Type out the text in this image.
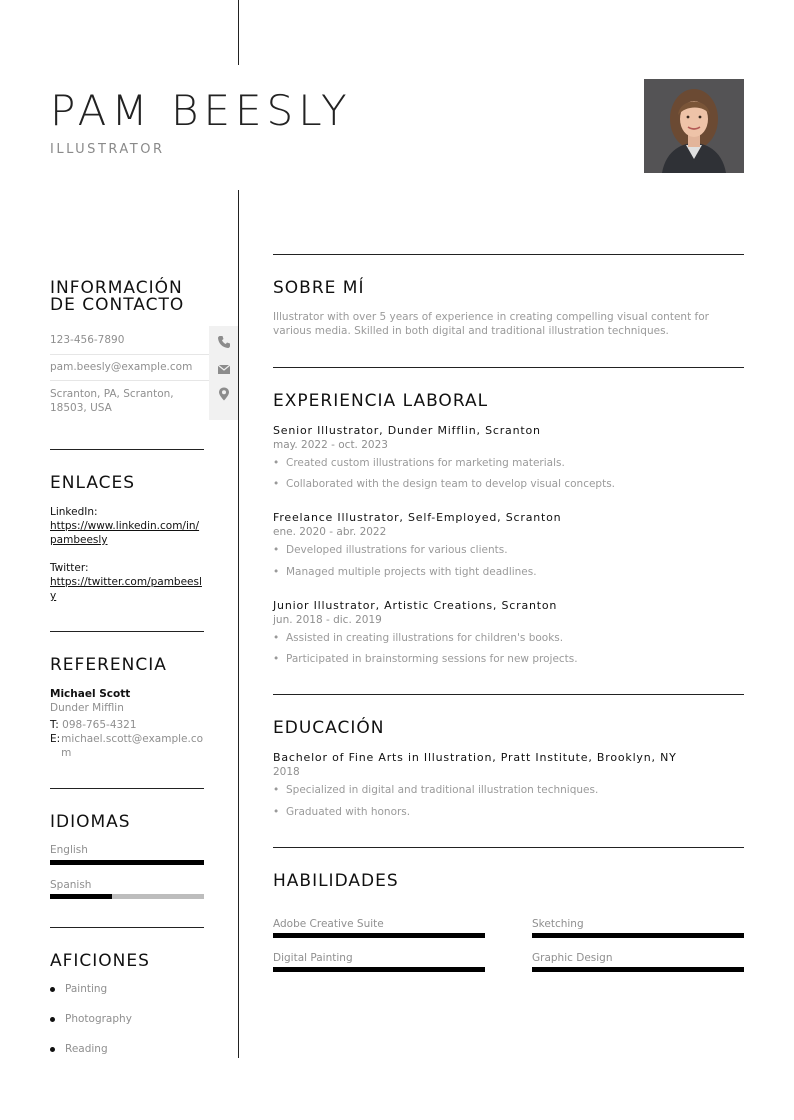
PAM BEESLY
ILLUSTRATOR
INFORMACIÓN
DE CONTACTO
123-456-7890
pam.beesly@example.com
Scranton, PA, Scranton, 18503, USA
ENLACES
LinkedIn:
https://www.linkedin.com/in/pambeesly
Twitter:
https://twitter.com/pambeesly
REFERENCIA
Michael Scott
Dunder Mifflin
T: 098-765-4321
E: michael.scott@example.com
IDIOMAS
English
Spanish
AFICIONES
Painting
Photography
Reading
SOBRE MÍ
Illustrator with over 5 years of experience in creating compelling visual content for various media. Skilled in both digital and traditional illustration techniques.
EXPERIENCIA LABORAL
Senior Illustrator, Dunder Mifflin, Scranton
may. 2022 - oct. 2023
• Created custom illustrations for marketing materials.
• Collaborated with the design team to develop visual concepts.
Freelance Illustrator, Self-Employed, Scranton
ene. 2020 - abr. 2022
• Developed illustrations for various clients.
• Managed multiple projects with tight deadlines.
Junior Illustrator, Artistic Creations, Scranton
jun. 2018 - dic. 2019
• Assisted in creating illustrations for children's books.
• Participated in brainstorming sessions for new projects.
EDUCACIÓN
Bachelor of Fine Arts in Illustration, Pratt Institute, Brooklyn, NY
2018
• Specialized in digital and traditional illustration techniques.
• Graduated with honors.
HABILIDADES
Adobe Creative Suite	Sketching
Digital Painting	Graphic Design
